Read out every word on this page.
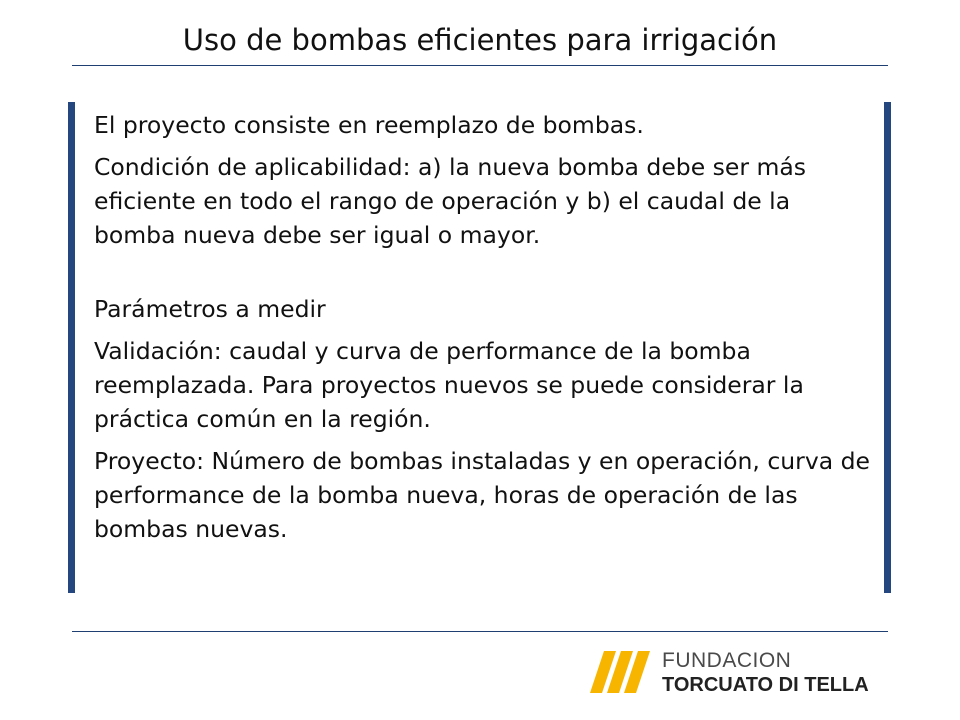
Uso de bombas eficientes para irrigación

El proyecto consiste en reemplazo de bombas.

Condición de aplicabilidad: a) la nueva bomba debe ser más eficiente en todo el rango de operación y b) el caudal de la bomba nueva debe ser igual o mayor.

Parámetros a medir

Validación: caudal y curva de performance de la bomba reemplazada. Para proyectos nuevos se puede considerar la práctica común en la región.

Proyecto: Número de bombas instaladas y en operación, curva de performance de la bomba nueva, horas de operación de las bombas nuevas.

FUNDACION
TORCUATO DI TELLA
